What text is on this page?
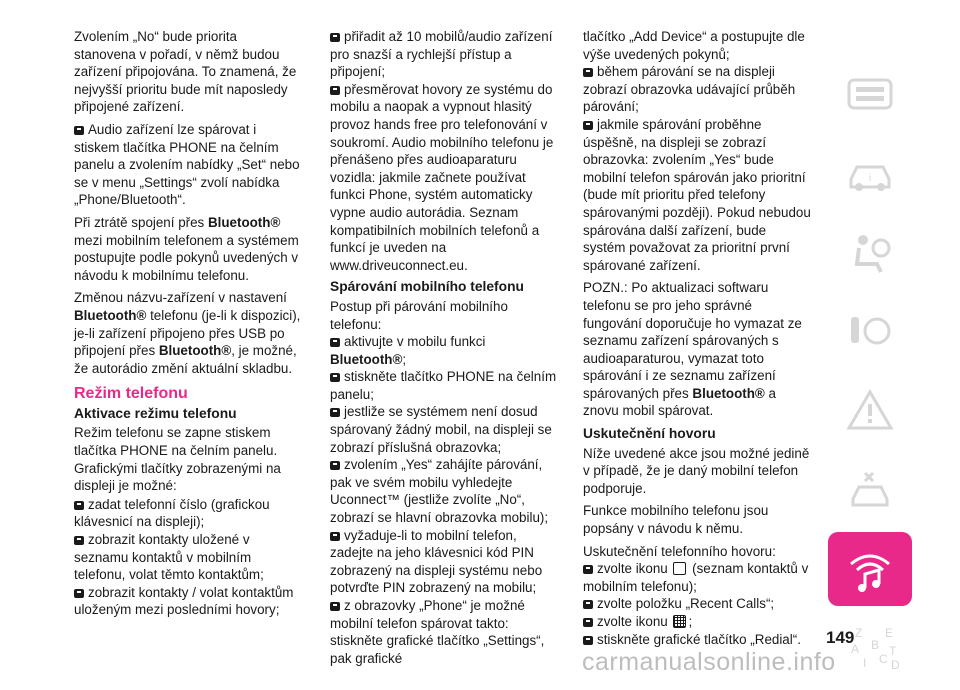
Zvolením „No“ bude priorita stanovena v pořadí, v němž budou zařízení připojována. To znamená, že nejvyšší prioritu bude mít naposledy připojené zařízení.

Audio zařízení lze spárovat i stiskem tlačítka PHONE na čelním panelu a zvolením nabídky „Set“ nebo se v menu „Settings“ zvolí nabídka „Phone/Bluetooth“.

Při ztrátě spojení přes Bluetooth® mezi mobilním telefonem a systémem postupujte podle pokynů uvedených v návodu k mobilnímu telefonu.

Změnou názvu-zařízení v nastavení Bluetooth® telefonu (je-li k dispozici), je-li zařízení připojeno přes USB po připojení přes Bluetooth®, je možné, že autorádio změní aktuální skladbu.

Režim telefonu
Aktivace režimu telefonu

Režim telefonu se zapne stiskem tlačítka PHONE na čelním panelu. Grafickými tlačítky zobrazenými na displeji je možné:

zadat telefonní číslo (grafickou klávesnicí na displeji);
zobrazit kontakty uložené v seznamu kontaktů v mobilním telefonu, volat těmto kontaktům;
zobrazit kontakty / volat kontaktům uloženým mezi posledními hovory;
přiřadit až 10 mobilů/audio zařízení pro snazší a rychlejší přístup a připojení;
přesměrovat hovory ze systému do mobilu a naopak a vypnout hlasitý provoz hands free pro telefonování v soukromí. Audio mobilního telefonu je přenášeno přes audioaparaturu vozidla: jakmile začnete používat funkci Phone, systém automaticky vypne audio autorádia. Seznam kompatibilních mobilních telefonů a funkcí je uveden na www.driveuconnect.eu.
Spárování mobilního telefonu
Postup při párování mobilního telefonu:
aktivujte v mobilu funkci
Bluetooth®;
stiskněte tlačítko PHONE na čelním panelu;
jestliže se systémem není dosud spárovaný žádný mobil, na displeji se zobrazí příslušná obrazovka;
zvolením „Yes“ zahájíte párování, pak ve svém mobilu vyhledejte Uconnect™ (jestliže zvolíte „No“, zobrazí se hlavní obrazovka mobilu);
vyžaduje-li to mobilní telefon, zadejte na jeho klávesnici kód PIN zobrazený na displeji systému nebo potvrďte PIN zobrazený na mobilu;
z obrazovky „Phone“ je možné mobilní telefon spárovat takto: stiskněte grafické tlačítko „Settings“, pak grafické
tlačítko „Add Device“ a postupujte dle výše uvedených pokynů;
během párování se na displeji zobrazí obrazovka udávající průběh párování;
jakmile spárování proběhne úspěšně, na displeji se zobrazí obrazovka: zvolením „Yes“ bude mobilní telefon spárován jako prioritní (bude mít prioritu před telefony spárovanými později). Pokud nebudou spárována další zařízení, bude systém považovat za prioritní první spárované zařízení.

POZN.: Po aktualizaci softwaru telefonu se pro jeho správné fungování doporučuje ho vymazat ze seznamu zařízení spárovaných s audioaparaturou, vymazat toto spárování i ze seznamu zařízení spárovaných přes Bluetooth® a znovu mobil spárovat.

Uskutečnění hovoru

Níže uvedené akce jsou možné jedině v případě, že je daný mobilní telefon podporuje.

Funkce mobilního telefonu jsou popsány v návodu k němu.

Uskutečnění telefonního hovoru:
zvolte ikonu  (seznam kontaktů v mobilním telefonu);
zvolte položku „Recent Calls“;
zvolte ikonu ;
stiskněte grafické tlačítko „Redial“.
i
Z E
A B
I C
T
D
149
carmanualsonline.info
